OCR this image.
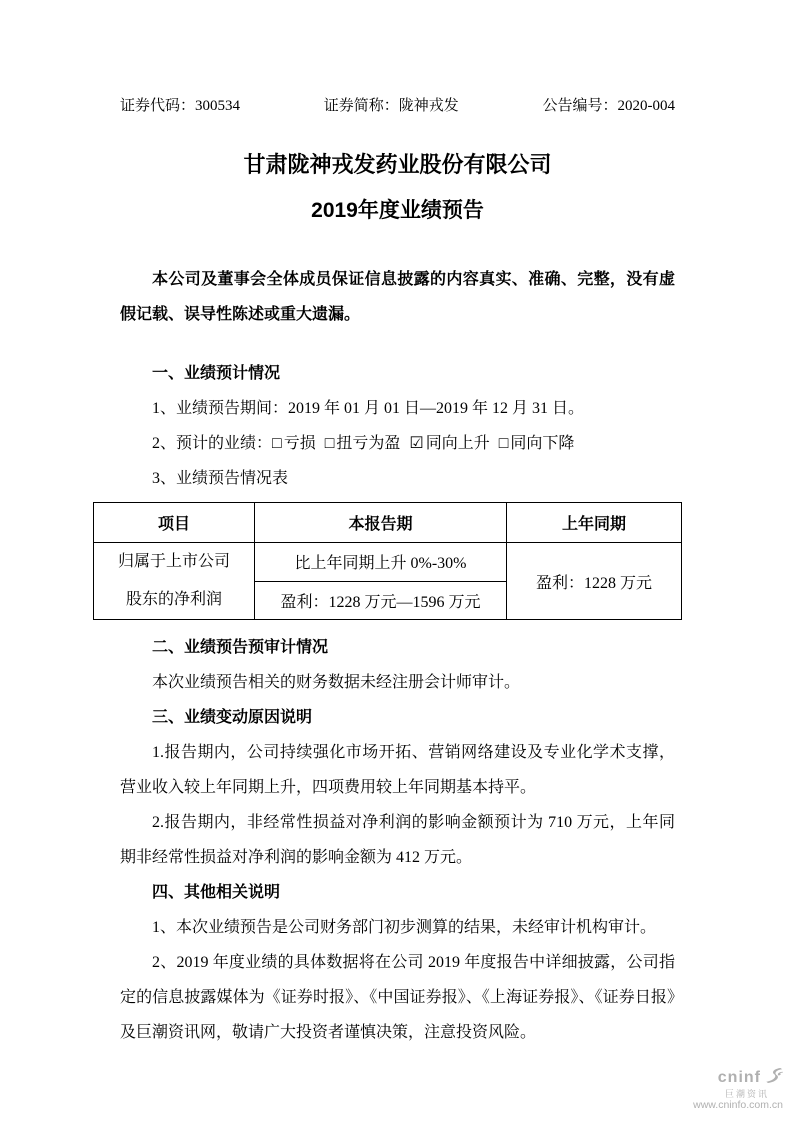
证券代码：300534	证券简称：陇神戎发	公告编号：2020-004
甘肃陇神戎发药业股份有限公司
2019年度业绩预告

本公司及董事会全体成员保证信息披露的内容真实、准确、完整，没有虚假记载、误导性陈述或重大遗漏。

一、业绩预计情况

1、业绩预告期间：2019 年 01 月 01 日—2019 年 12 月 31 日。

2、预计的业绩：□ 亏损 □ 扭亏为盈 ☑ 同向上升 □ 同向下降

3、业绩预告情况表

项目	本报告期	上年同期

归属于上市公司
股东的净利润	比上年同期上升 0%-30%	盈利：1228 万元
	盈利：1228 万元—1596 万元	
二、业绩预告预审计情况

本次业绩预告相关的财务数据未经注册会计师审计。

三、业绩变动原因说明

1.报告期内，公司持续强化市场开拓、营销网络建设及专业化学术支撑，营业收入较上年同期上升，四项费用较上年同期基本持平。

2.报告期内，非经常性损益对净利润的影响金额预计为 710 万元，上年同期非经常性损益对净利润的影响金额为 412 万元。

四、其他相关说明

1、本次业绩预告是公司财务部门初步测算的结果，未经审计机构审计。

2、2019 年度业绩的具体数据将在公司 2019 年度报告中详细披露，公司指定的信息披露媒体为《证券时报》、《中国证券报》、《上海证券报》、《证券日报》及巨潮资讯网，敬请广大投资者谨慎决策，注意投资风险。

cninf
巨潮资讯
www.cninfo.com.cn
